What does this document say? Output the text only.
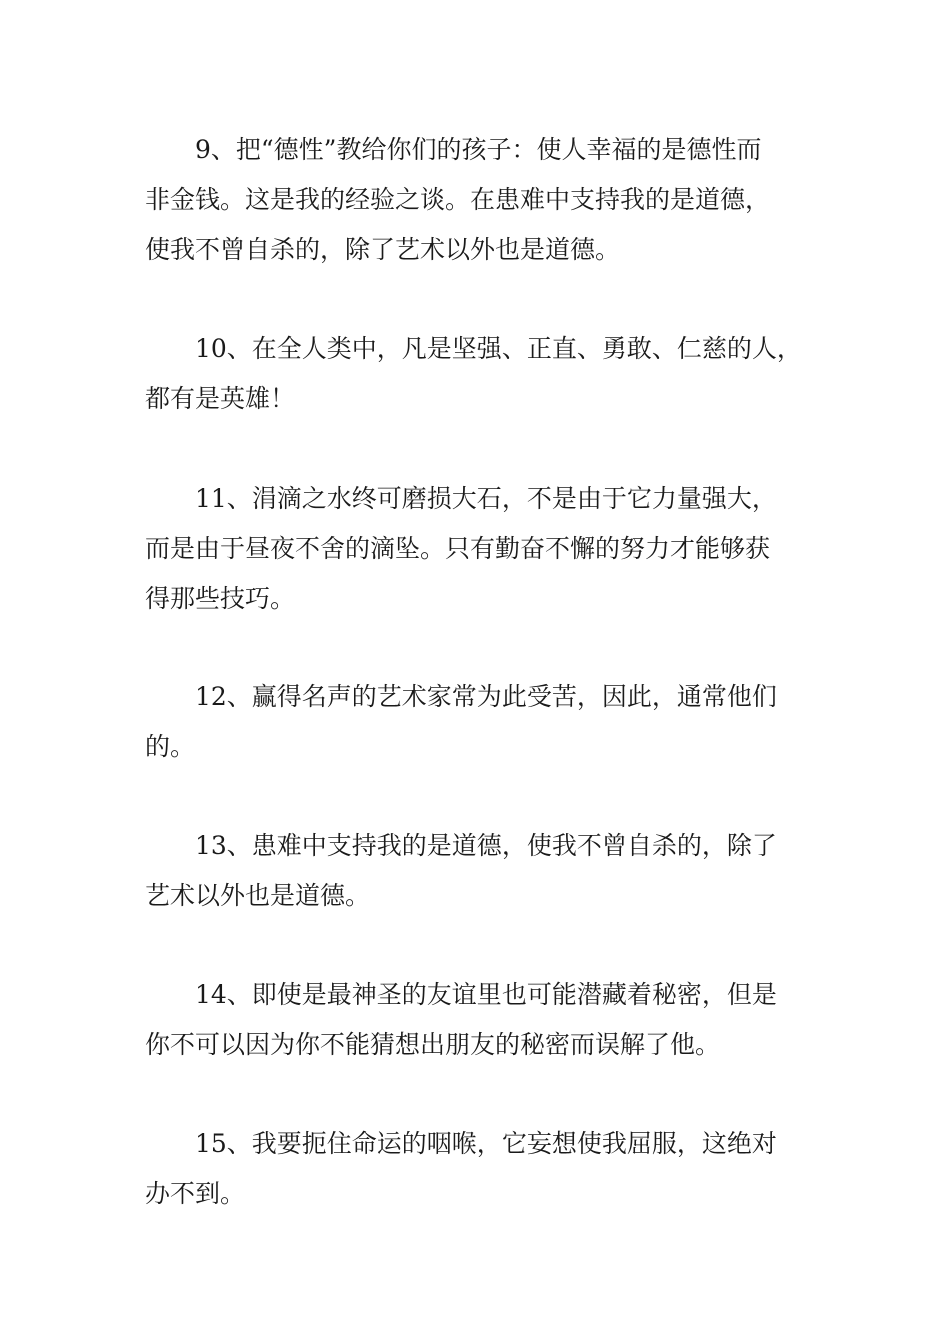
9、把“德性”教给你们的孩子：使人幸福的是德性而
非金钱。这是我的经验之谈。在患难中支持我的是道德，
使我不曾自杀的，除了艺术以外也是道德。

10、在全人类中，凡是坚强、正直、勇敢、仁慈的人，
都有是英雄！

11、涓滴之水终可磨损大石，不是由于它力量强大，
而是由于昼夜不舍的滴坠。只有勤奋不懈的努力才能够获
得那些技巧。

12、赢得名声的艺术家常为此受苦，因此，通常他们
的。

13、患难中支持我的是道德，使我不曾自杀的，除了
艺术以外也是道德。

14、即使是最神圣的友谊里也可能潜藏着秘密，但是
你不可以因为你不能猜想出朋友的秘密而误解了他。

15、我要扼住命运的咽喉，它妄想使我屈服，这绝对
办不到。
